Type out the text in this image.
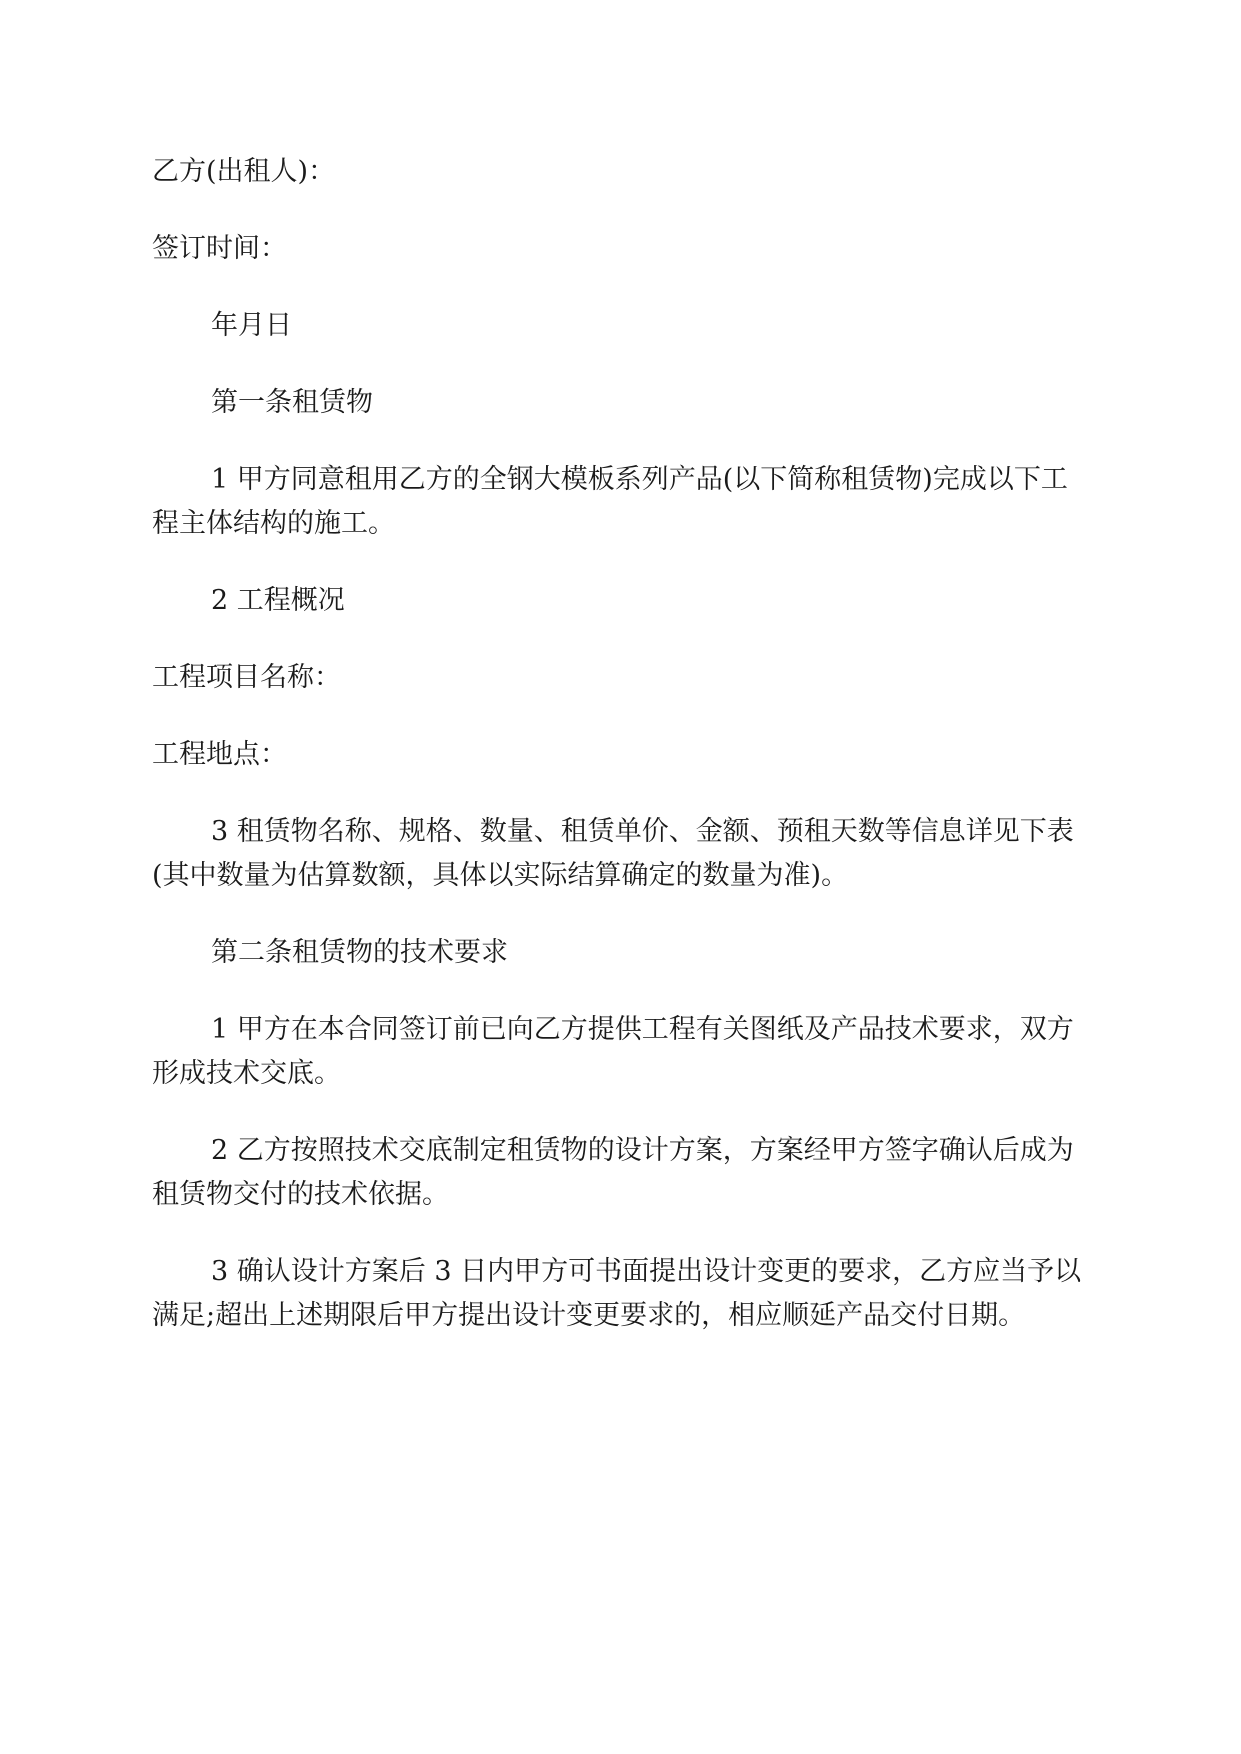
乙方(出租人)：

签订时间：

年月日

第一条租赁物

1 甲方同意租用乙方的全钢大模板系列产品(以下简称租赁物)完成以下工程主体结构的施工。

2 工程概况

工程项目名称：

工程地点：

3 租赁物名称、规格、数量、租赁单价、金额、预租天数等信息详见下表(其中数量为估算数额，具体以实际结算确定的数量为准)。

第二条租赁物的技术要求

1 甲方在本合同签订前已向乙方提供工程有关图纸及产品技术要求，双方形成技术交底。

2 乙方按照技术交底制定租赁物的设计方案，方案经甲方签字确认后成为租赁物交付的技术依据。

3 确认设计方案后 3 日内甲方可书面提出设计变更的要求，乙方应当予以满足;超出上述期限后甲方提出设计变更要求的，相应顺延产品交付日期。
